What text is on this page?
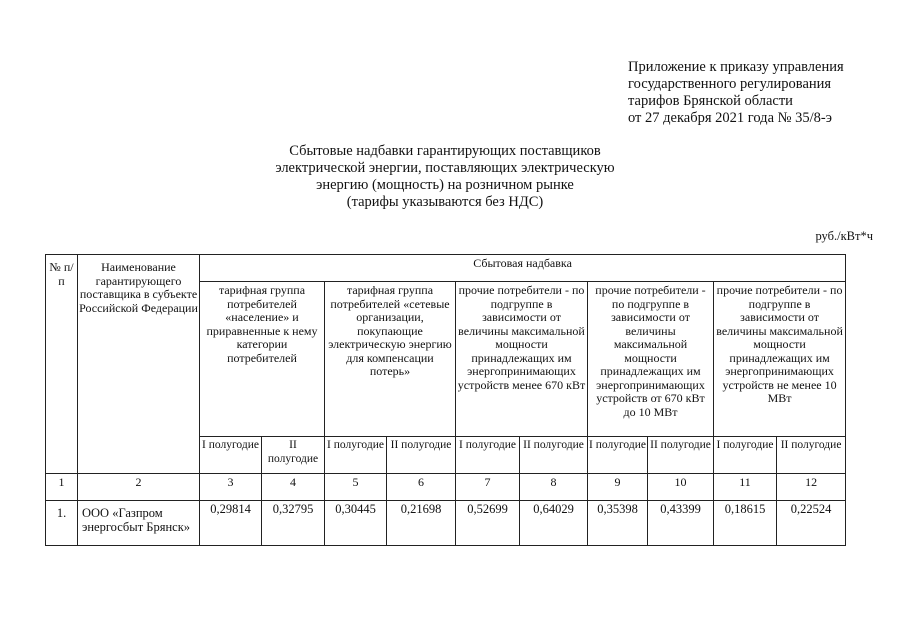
Приложение к приказу управления
государственного регулирования
тарифов Брянской области
от 27 декабря 2021 года № 35/8-э
Сбытовые надбавки гарантирующих поставщиков
электрической энергии, поставляющих электрическую
энергию (мощность) на розничном рынке
(тарифы указываются без НДС)
руб./кВт*ч
№ п/п	Наименование гарантирующего поставщика в субъекте Российской Федерации	Сбытовая надбавка									
		тарифная группа потребителей «население» и приравненные к нему категории потребителей		тарифная группа потребителей «сетевые организации, покупающие электрическую энергию для компенсации потерь»		прочие потребители - по подгруппе в зависимости от величины максимальной мощности принадлежащих им энергопринимающих устройств менее 670 кВт		прочие потребители - по подгруппе в зависимости от величины максимальной мощности принадлежащих им энергопринимающих устройств от 670 кВт до 10 МВт		прочие потребители - по подгруппе в зависимости от величины максимальной мощности принадлежащих им энергопринимающих устройств не менее 10 МВт	
		I полугодие	II полугодие	I полугодие	II полугодие	I полугодие	II полугодие	I полугодие	II полугодие	I полугодие	II полугодие
1	2	3	4	5	6	7	8	9	10	11	12
1.	ООО «Газпром энергосбыт Брянск»	0,29814	0,32795	0,30445	0,21698	0,52699	0,64029	0,35398	0,43399	0,18615	0,22524
